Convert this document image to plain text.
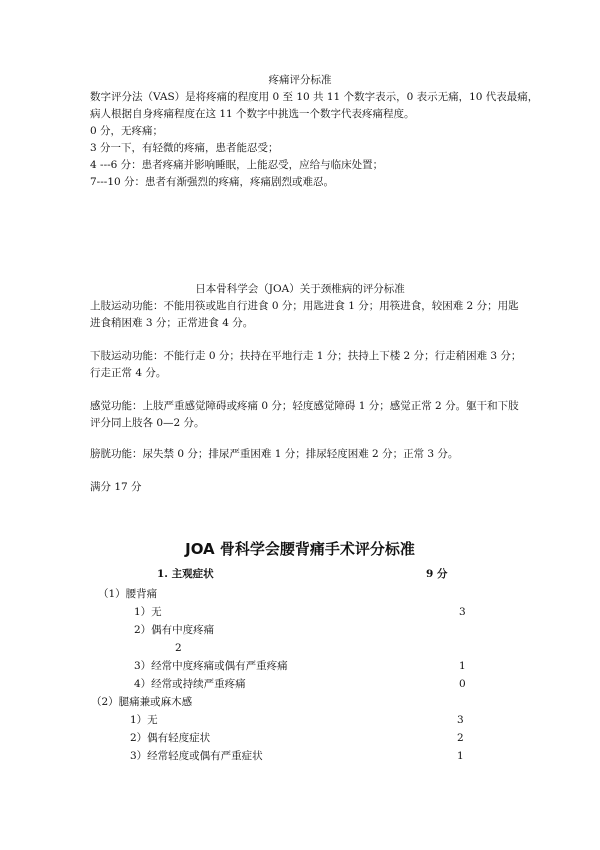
疼痛评分标准
数字评分法（VAS）是将疼痛的程度用 0 至 10 共 11 个数字表示，0 表示无痛，10 代表最痛，
病人根据自身疼痛程度在这 11 个数字中挑选一个数字代表疼痛程度。
0 分，无疼痛；
3 分一下，有轻微的疼痛，患者能忍受；
4 ---6 分：患者疼痛并影响睡眠，上能忍受，应给与临床处置；
7---10 分：患者有渐强烈的疼痛，疼痛剧烈或难忍。
日本骨科学会（JOA）关于颈椎病的评分标准
上肢运动功能：不能用筷或匙自行进食 0 分；用匙进食 1 分；用筷进食，较困难 2 分；用匙
进食稍困难 3 分；正常进食 4 分。
下肢运动功能：不能行走 0 分；扶持在平地行走 1 分；扶持上下楼 2 分；行走稍困难 3 分；
行走正常 4 分。
感觉功能：上肢严重感觉障碍或疼痛 0 分；轻度感觉障碍 1 分；感觉正常 2 分。躯干和下肢
评分同上肢各 0—2 分。
膀胱功能：尿失禁 0 分；排尿严重困难 1 分；排尿轻度困难 2 分；正常 3 分。
满分 17 分
JOA 骨科学会腰背痛手术评分标准
1. 主观症状	9 分
（1）腰背痛
1）无	3
2）偶有中度疼痛
2
3）经常中度疼痛或偶有严重疼痛	1
4）经常或持续严重疼痛	0
（2）腿痛兼或麻木感
1）无	3
2）偶有轻度症状	2
3）经常轻度或偶有严重症状	1
